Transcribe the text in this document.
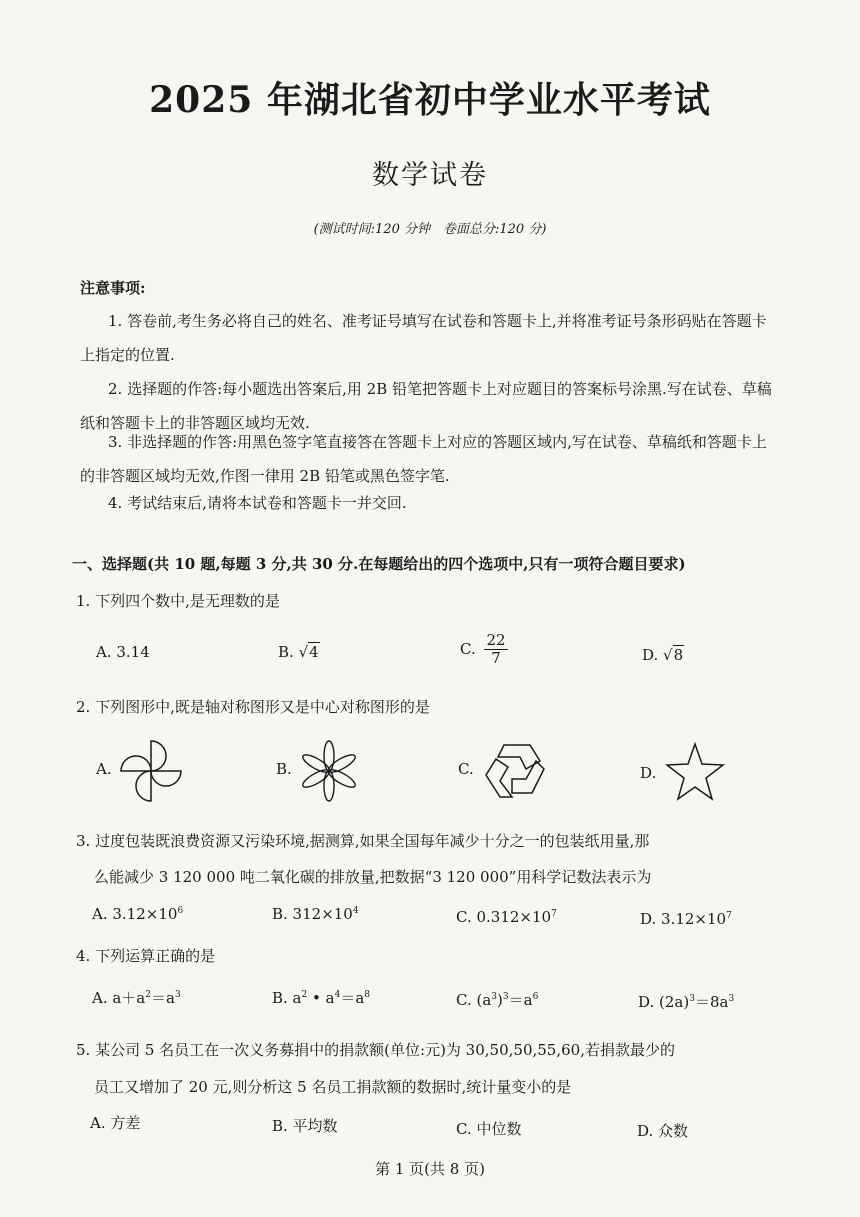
2025 年湖北省初中学业水平考试
数学试卷
(测试时间:120 分钟　卷面总分:120 分)
注意事项:
1. 答卷前,考生务必将自己的姓名、准考证号填写在试卷和答题卡上,并将准考证号条形码贴在答题卡上指定的位置.
2. 选择题的作答:每小题选出答案后,用 2B 铅笔把答题卡上对应题目的答案标号涂黑.写在试卷、草稿纸和答题卡上的非答题区域均无效.
3. 非选择题的作答:用黑色签字笔直接答在答题卡上对应的答题区域内,写在试卷、草稿纸和答题卡上的非答题区域均无效,作图一律用 2B 铅笔或黑色签字笔.
4. 考试结束后,请将本试卷和答题卡一并交回.
一、选择题(共 10 题,每题 3 分,共 30 分.在每题给出的四个选项中,只有一项符合题目要求)
1. 下列四个数中,是无理数的是
A. 3.14	B. √4	C. $\frac{22}{7}$	D. √8
2. 下列图形中,既是轴对称图形又是中心对称图形的是
A.	B.	C.	D.
3. 过度包装既浪费资源又污染环境,据测算,如果全国每年减少十分之一的包装纸用量,那
么能减少 3 120 000 吨二氧化碳的排放量,把数据“3 120 000”用科学记数法表示为
A. $3.12\times 10^6$	B. $312\times 10^4$	C. $0.312\times 10^7$	D. $3.12\times 10^7$
4. 下列运算正确的是
A. $a+a^2=a^3$	B. $a^2$ • $a^4=a^8$	C. $(a^3)^3=a^6$	D. $(2a)^3=8a^3$
5. 某公司 5 名员工在一次义务募捐中的捐款额(单位:元)为 30,50,50,55,60,若捐款最少的
员工又增加了 20 元,则分析这 5 名员工捐款额的数据时,统计量变小的是
A. 方差	B. 平均数	C. 中位数	D. 众数
第 1 页(共 8 页)
